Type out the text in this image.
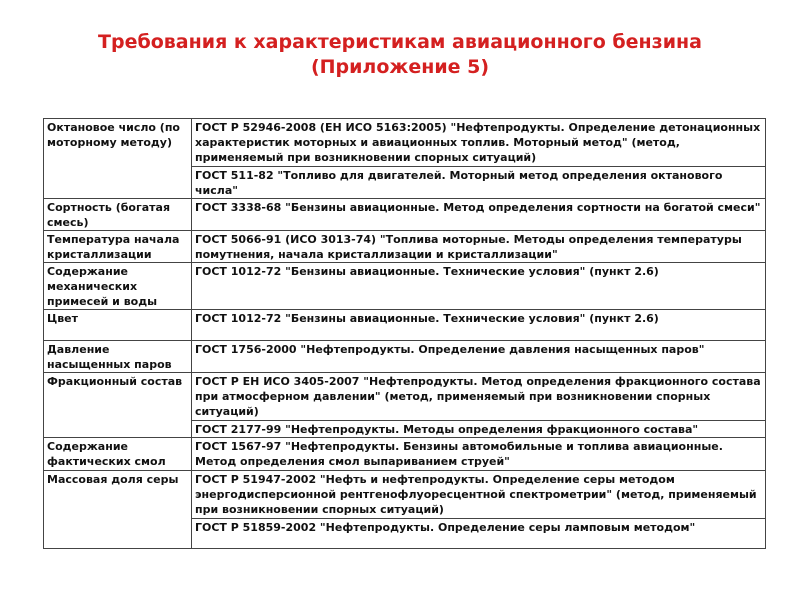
Требования к характеристикам авиационного бензина
(Приложение 5)
Октановое число (по моторному методу)	ГОСТ Р 52946-2008 (ЕН ИСО 5163:2005) "Нефтепродукты. Определение детонационных характеристик моторных и авиационных топлив. Моторный метод" (метод, применяемый при возникновении спорных ситуаций)
	ГОСТ 511-82 "Топливо для двигателей. Моторный метод определения октанового числа"
Сортность (богатая смесь)	ГОСТ 3338-68 "Бензины авиационные. Метод определения сортности на богатой смеси"
Температура начала кристаллизации	ГОСТ 5066-91 (ИСО 3013-74) "Топлива моторные. Методы определения температуры помутнения, начала кристаллизации и кристаллизации"
Содержание механических примесей и воды	ГОСТ 1012-72 "Бензины авиационные. Технические условия" (пункт 2.6)
Цвет	ГОСТ 1012-72 "Бензины авиационные. Технические условия" (пункт 2.6)
Давление насыщенных паров	ГОСТ 1756-2000 "Нефтепродукты. Определение давления насыщенных паров"
Фракционный состав	ГОСТ Р ЕН ИСО 3405-2007 "Нефтепродукты. Метод определения фракционного состава при атмосферном давлении" (метод, применяемый при возникновении спорных ситуаций)
	ГОСТ 2177-99 "Нефтепродукты. Методы определения фракционного состава"
Содержание фактических смол	ГОСТ 1567-97 "Нефтепродукты. Бензины автомобильные и топлива авиационные. Метод определения смол выпариванием струей"
Массовая доля серы	ГОСТ Р 51947-2002 "Нефть и нефтепродукты. Определение серы методом энергодисперсионной рентгенофлуоресцентной спектрометрии" (метод, применяемый при возникновении спорных ситуаций)
	ГОСТ Р 51859-2002 "Нефтепродукты. Определение серы ламповым методом"
